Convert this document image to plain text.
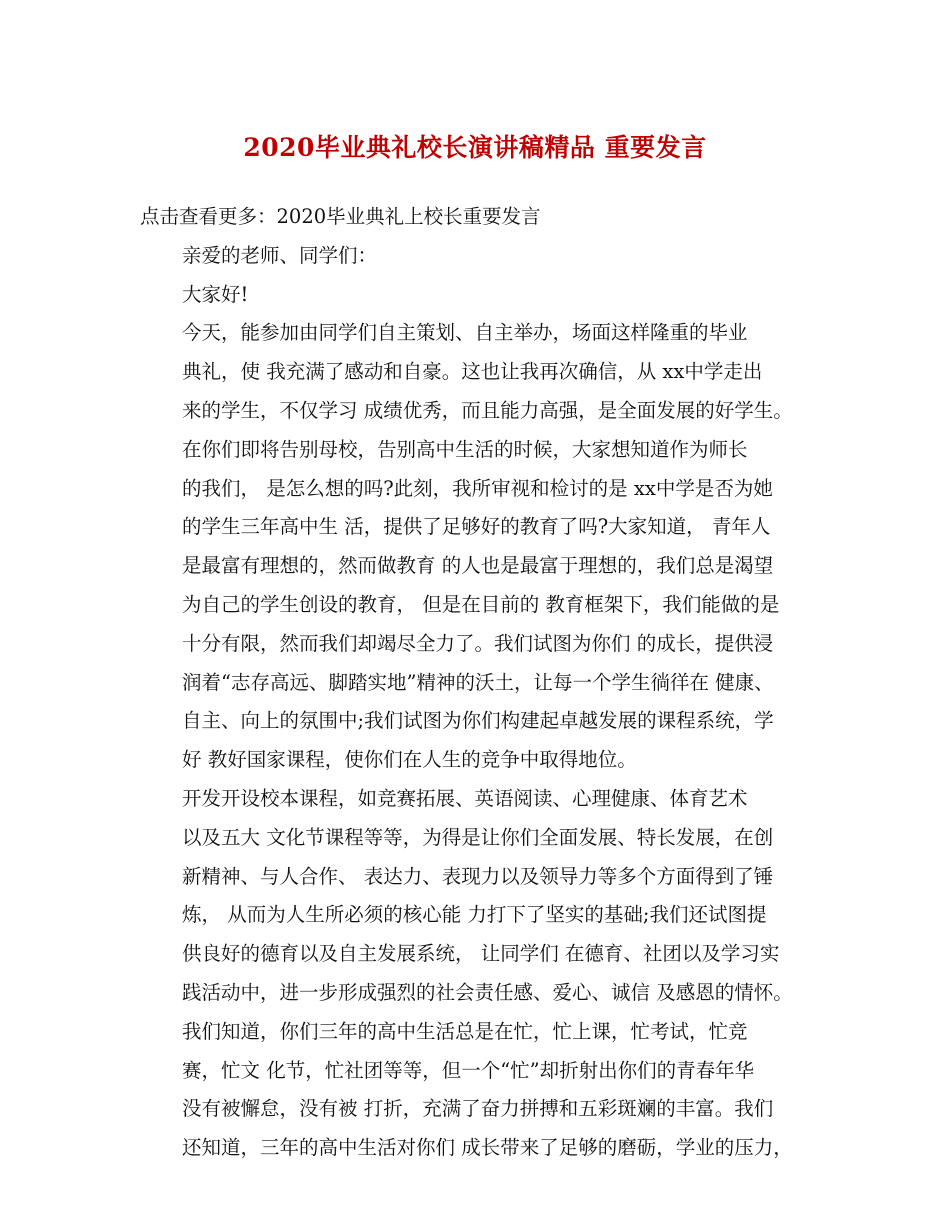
2020毕业典礼校长演讲稿精品 重要发言

点击查看更多：2020毕业典礼上校长重要发言

亲爱的老师、同学们：

大家好!

今天，能参加由同学们自主策划、自主举办，场面这样隆重的毕业
典礼，使 我充满了感动和自豪。这也让我再次确信，从 xx中学走出
来的学生，不仅学习 成绩优秀，而且能力高强，是全面发展的好学生。

在你们即将告别母校，告别高中生活的时候，大家想知道作为师长
的我们， 是怎么想的吗?此刻，我所审视和检讨的是 xx中学是否为她
的学生三年高中生 活，提供了足够好的教育了吗?大家知道， 青年人
是最富有理想的，然而做教育 的人也是最富于理想的，我们总是渴望
为自己的学生创设的教育， 但是在目前的 教育框架下，我们能做的是
十分有限，然而我们却竭尽全力了。我们试图为你们 的成长，提供浸
润着“志存高远、脚踏实地”精神的沃土，让每一个学生徜徉在 健康、
自主、向上的氛围中;我们试图为你们构建起卓越发展的课程系统，学
好 教好国家课程，使你们在人生的竞争中取得地位。

开发开设校本课程，如竞赛拓展、英语阅读、心理健康、体育艺术
以及五大 文化节课程等等，为得是让你们全面发展、特长发展，在创
新精神、与人合作、 表达力、表现力以及领导力等多个方面得到了锤
炼， 从而为人生所必须的核心能 力打下了坚实的基础;我们还试图提
供良好的德育以及自主发展系统， 让同学们 在德育、社团以及学习实
践活动中，进一步形成强烈的社会责任感、爱心、诚信 及感恩的情怀。

我们知道，你们三年的高中生活总是在忙，忙上课，忙考试，忙竞
赛，忙文 化节，忙社团等等，但一个“忙”却折射出你们的青春年华
没有被懈怠，没有被 打折，充满了奋力拼搏和五彩斑斓的丰富。我们
还知道，三年的高中生活对你们 成长带来了足够的磨砺，学业的压力，
